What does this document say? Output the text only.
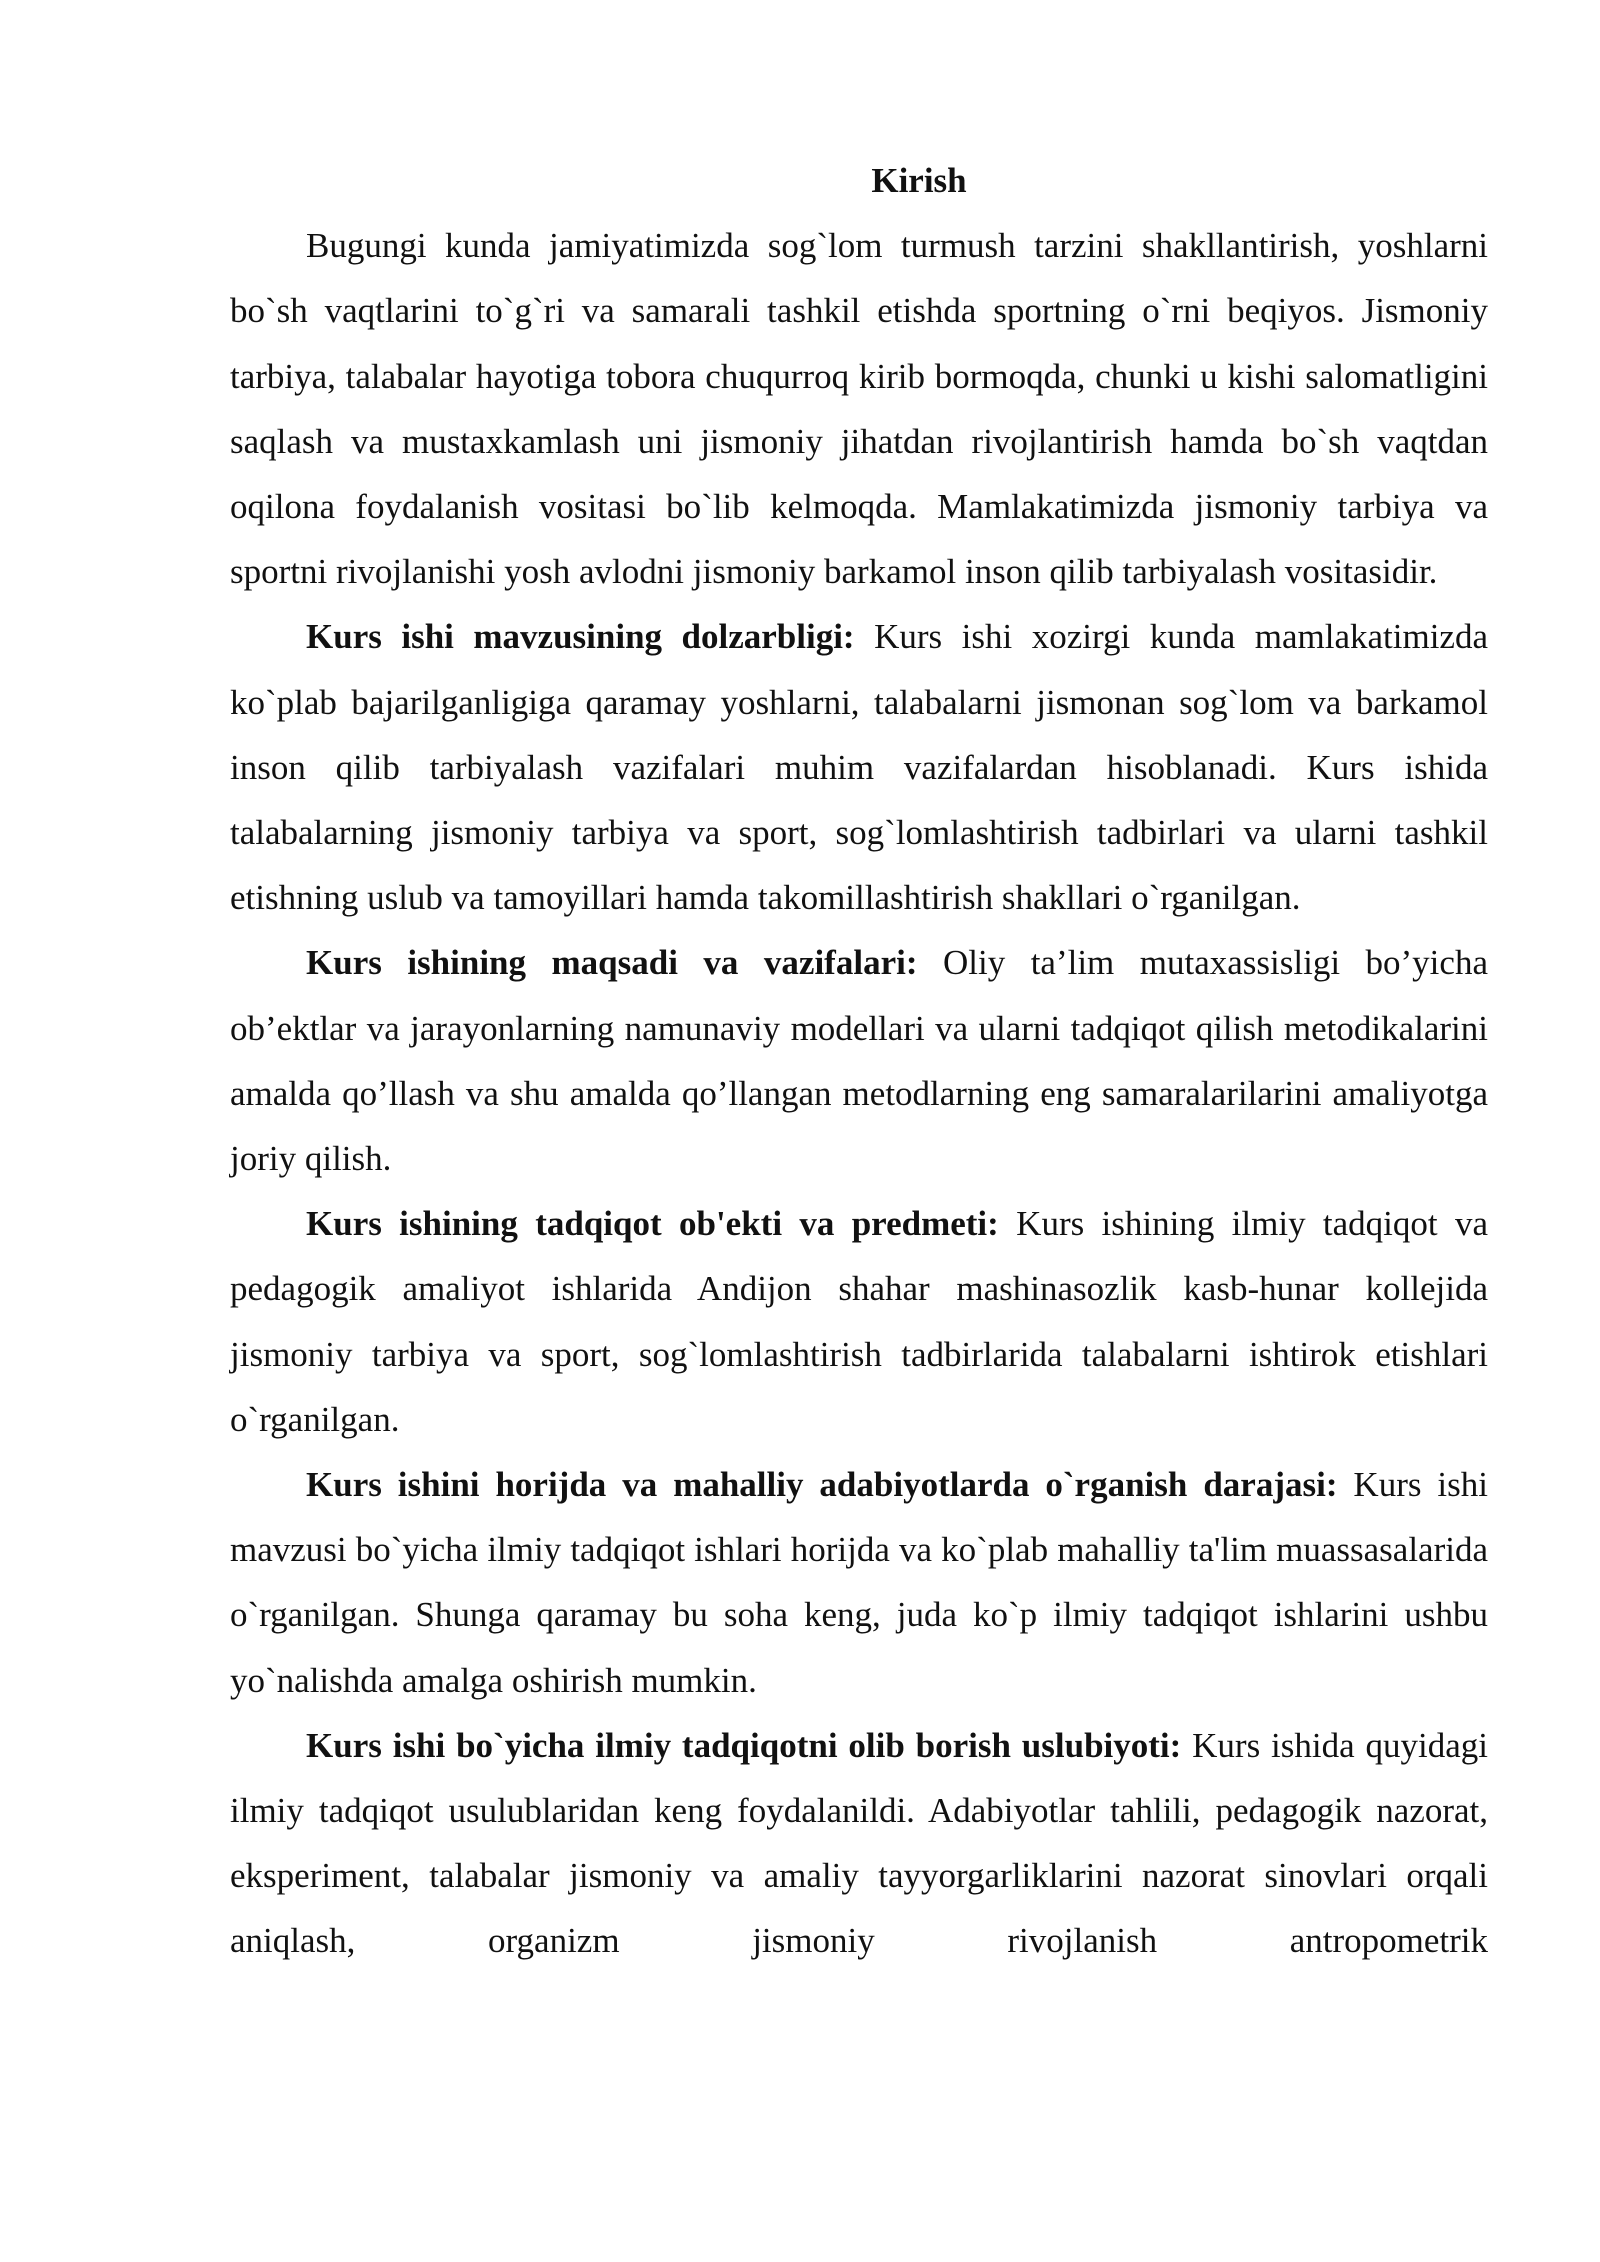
Kirish

Bugungi kunda jamiyatimizda sog`lom turmush tarzini shakllantirish, yoshlarni bo`sh vaqtlarini to`g`ri va samarali tashkil etishda sportning o`rni beqiyos. Jismoniy tarbiya, talabalar hayotiga tobora chuqurroq kirib bormoqda, chunki u kishi salomatligini saqlash va mustaxkamlash uni jismoniy jihatdan rivojlantirish hamda bo`sh vaqtdan oqilona foydalanish vositasi bo`lib kelmoqda. Mamlakatimizda jismoniy tarbiya va sportni rivojlanishi yosh avlodni jismoniy barkamol inson qilib tarbiyalash vositasidir.

Kurs ishi mavzusining dolzarbligi: Kurs ishi xozirgi kunda mamlakatimizda ko`plab bajarilganligiga qaramay yoshlarni, talabalarni jismonan sog`lom va barkamol inson qilib tarbiyalash vazifalari muhim vazifalardan hisoblanadi. Kurs ishida talabalarning jismoniy tarbiya va sport, sog`lomlashtirish tadbirlari va ularni tashkil etishning uslub va tamoyillari hamda takomillashtirish shakllari o`rganilgan.

Kurs ishining maqsadi va vazifalari: Oliy ta’lim mutaxassisligi bo’yicha ob’ektlar va jarayonlarning namunaviy modellari va ularni tadqiqot qilish metodikalarini amalda qo’llash va shu amalda qo’llangan metodlarning eng samaralarilarini amaliyotga joriy qilish.

Kurs ishining tadqiqot ob'ekti va predmeti: Kurs ishining ilmiy tadqiqot va pedagogik amaliyot ishlarida Andijon shahar mashinasozlik kasb-hunar kollejida jismoniy tarbiya va sport, sog`lomlashtirish tadbirlarida talabalarni ishtirok etishlari o`rganilgan.

Kurs ishini horijda va mahalliy adabiyotlarda o`rganish darajasi: Kurs ishi mavzusi bo`yicha ilmiy tadqiqot ishlari horijda va ko`plab mahalliy ta'lim muassasalarida o`rganilgan. Shunga qaramay bu soha keng, juda ko`p ilmiy tadqiqot ishlarini ushbu yo`nalishda amalga oshirish mumkin.

Kurs ishi bo`yicha ilmiy tadqiqotni olib borish uslubiyoti: Kurs ishida quyidagi ilmiy tadqiqot usulublaridan keng foydalanildi. Adabiyotlar tahlili, pedagogik nazorat, eksperiment, talabalar jismoniy va amaliy tayyorgarliklarini nazorat sinovlari orqali aniqlash, organizm jismoniy rivojlanish antropometrik
